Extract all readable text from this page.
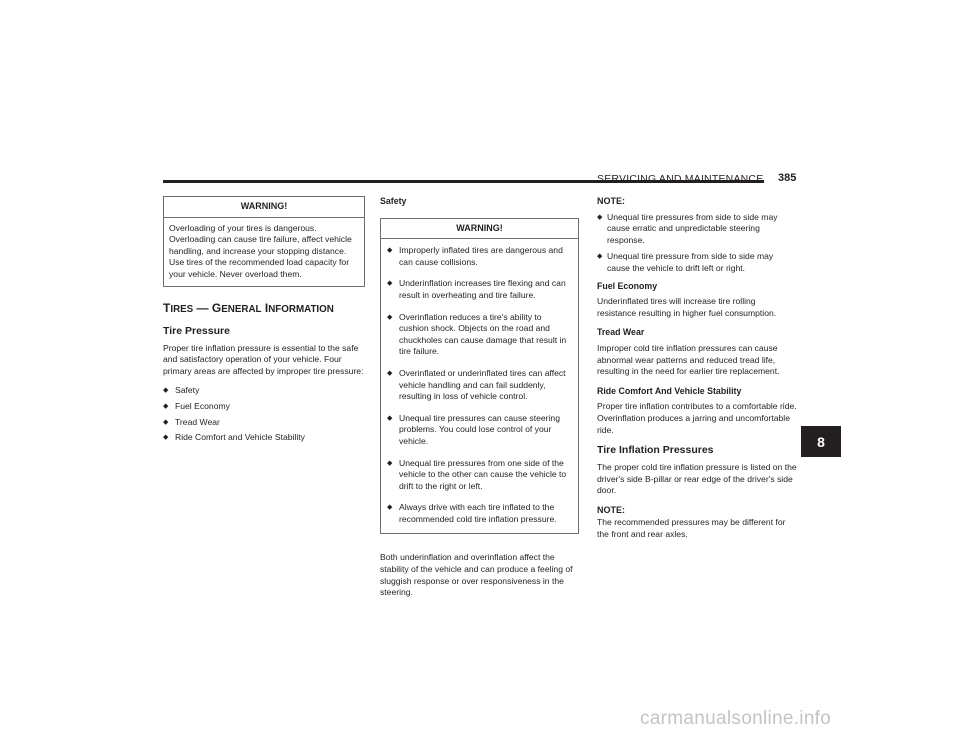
SERVICING AND MAINTENANCE 385
8
WARNING!

Overloading of your tires is dangerous. Overloading can cause tire failure, affect vehicle handling, and increase your stopping distance. Use tires of the recommended load capacity for your vehicle. Never overload them.

TIRES — GENERAL INFORMATION
Tire Pressure

Proper tire inflation pressure is essential to the safe and satisfactory operation of your vehicle. Four primary areas are affected by improper tire pressure:

◆ Safety
◆ Fuel Economy
◆ Tread Wear
◆ Ride Comfort and Vehicle Stability
Safety
WARNING!
◆ Improperly inflated tires are dangerous and can cause collisions.
◆ Underinflation increases tire flexing and can result in overheating and tire failure.
◆ Overinflation reduces a tire's ability to cushion shock. Objects on the road and chuckholes can cause damage that result in tire failure.
◆ Overinflated or underinflated tires can affect vehicle handling and can fail suddenly, resulting in loss of vehicle control.
◆ Unequal tire pressures can cause steering problems. You could lose control of your vehicle.
◆ Unequal tire pressures from one side of the vehicle to the other can cause the vehicle to drift to the right or left.
◆ Always drive with each tire inflated to the recommended cold tire inflation pressure.

Both underinflation and overinflation affect the stability of the vehicle and can produce a feeling of sluggish response or over responsiveness in the steering.

NOTE:
◆ Unequal tire pressures from side to side may cause erratic and unpredictable steering response.
◆ Unequal tire pressure from side to side may cause the vehicle to drift left or right.
Fuel Economy

Underinflated tires will increase tire rolling resistance resulting in higher fuel consumption.

Tread Wear

Improper cold tire inflation pressures can cause abnormal wear patterns and reduced tread life, resulting in the need for earlier tire replacement.

Ride Comfort And Vehicle Stability

Proper tire inflation contributes to a comfortable ride. Overinflation produces a jarring and uncomfortable ride.

Tire Inflation Pressures

The proper cold tire inflation pressure is listed on the driver's side B-pillar or rear edge of the driver's side door.

NOTE:

The recommended pressures may be different for the front and rear axles.

carmanualsonline.info
